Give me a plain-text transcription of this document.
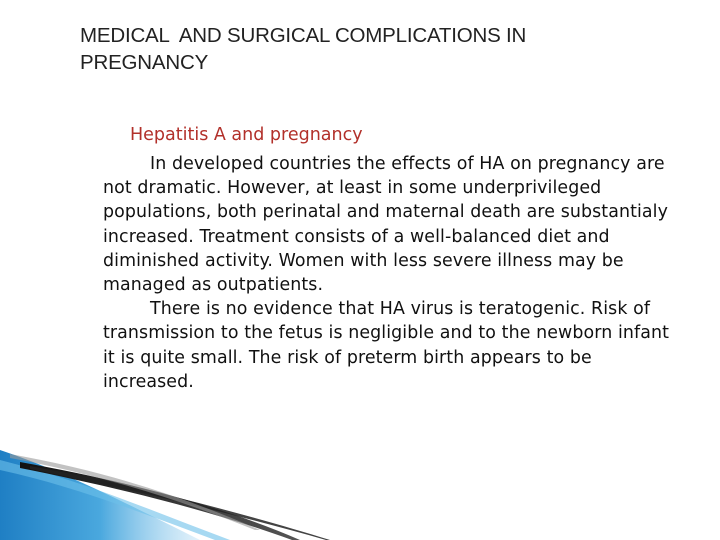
MEDICAL  AND SURGICAL COMPLICATIONS IN
PREGNANCY
Hepatitis A and pregnancy

In developed countries the effects of HA on pregnancy are not dramatic. However, at least in some underprivileged populations, both perinatal and maternal death are substantialy increased. Treatment consists of a well-balanced diet and diminished activity. Women with less severe illness may be managed as outpatients.

There is no evidence that HA virus is teratogenic. Risk of transmission to the fetus is negligible and to the newborn infant it is quite small. The risk of preterm birth appears to be increased.
